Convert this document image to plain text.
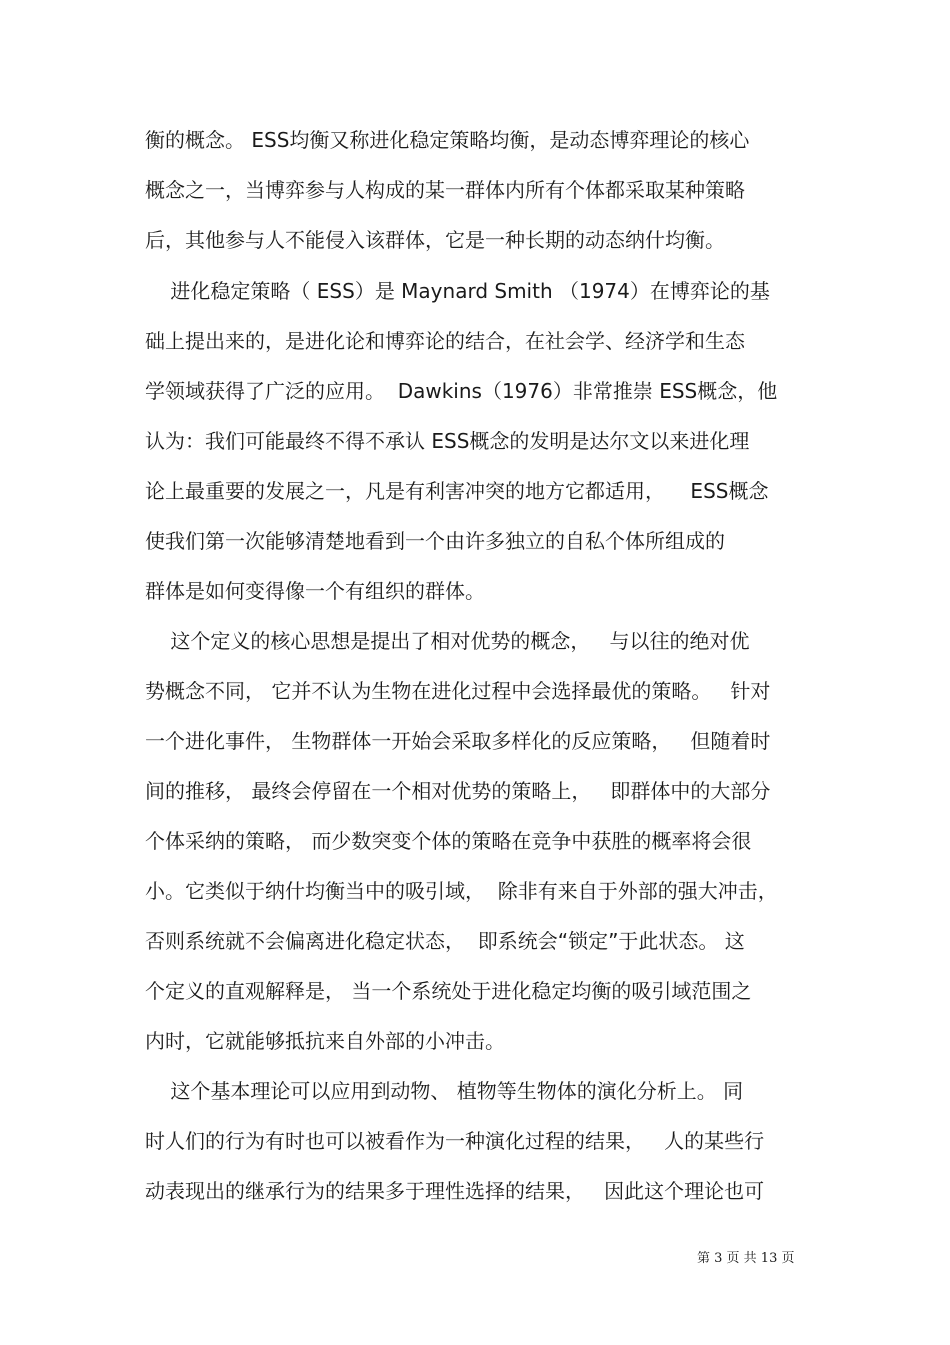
衡的概念。 ESS均衡又称进化稳定策略均衡，是动态博弈理论的核心
概念之一，当博弈参与人构成的某一群体内所有个体都采取某种策略
后，其他参与人不能侵入该群体，它是一种长期的动态纳什均衡。
进化稳定策略（ ESS）是 Maynard Smith （1974）在博弈论的基
础上提出来的，是进化论和博弈论的结合，在社会学、经济学和生态
学领域获得了广泛的应用。  Dawkins（1976）非常推崇 ESS概念，他
认为：我们可能最终不得不承认 ESS概念的发明是达尔文以来进化理
论上最重要的发展之一，凡是有利害冲突的地方它都适用，    ESS概念
使我们第一次能够清楚地看到一个由许多独立的自私个体所组成的
群体是如何变得像一个有组织的群体。
这个定义的核心思想是提出了相对优势的概念，   与以往的绝对优
势概念不同， 它并不认为生物在进化过程中会选择最优的策略。   针对
一个进化事件， 生物群体一开始会采取多样化的反应策略，   但随着时
间的推移， 最终会停留在一个相对优势的策略上，   即群体中的大部分
个体采纳的策略， 而少数突变个体的策略在竞争中获胜的概率将会很
小。它类似于纳什均衡当中的吸引域，  除非有来自于外部的强大冲击，
否则系统就不会偏离进化稳定状态，  即系统会“锁定”于此状态。 这
个定义的直观解释是， 当一个系统处于进化稳定均衡的吸引域范围之
内时，它就能够抵抗来自外部的小冲击。
这个基本理论可以应用到动物、 植物等生物体的演化分析上。 同
时人们的行为有时也可以被看作为一种演化过程的结果，   人的某些行
动表现出的继承行为的结果多于理性选择的结果，   因此这个理论也可
第 3 页 共 13 页
